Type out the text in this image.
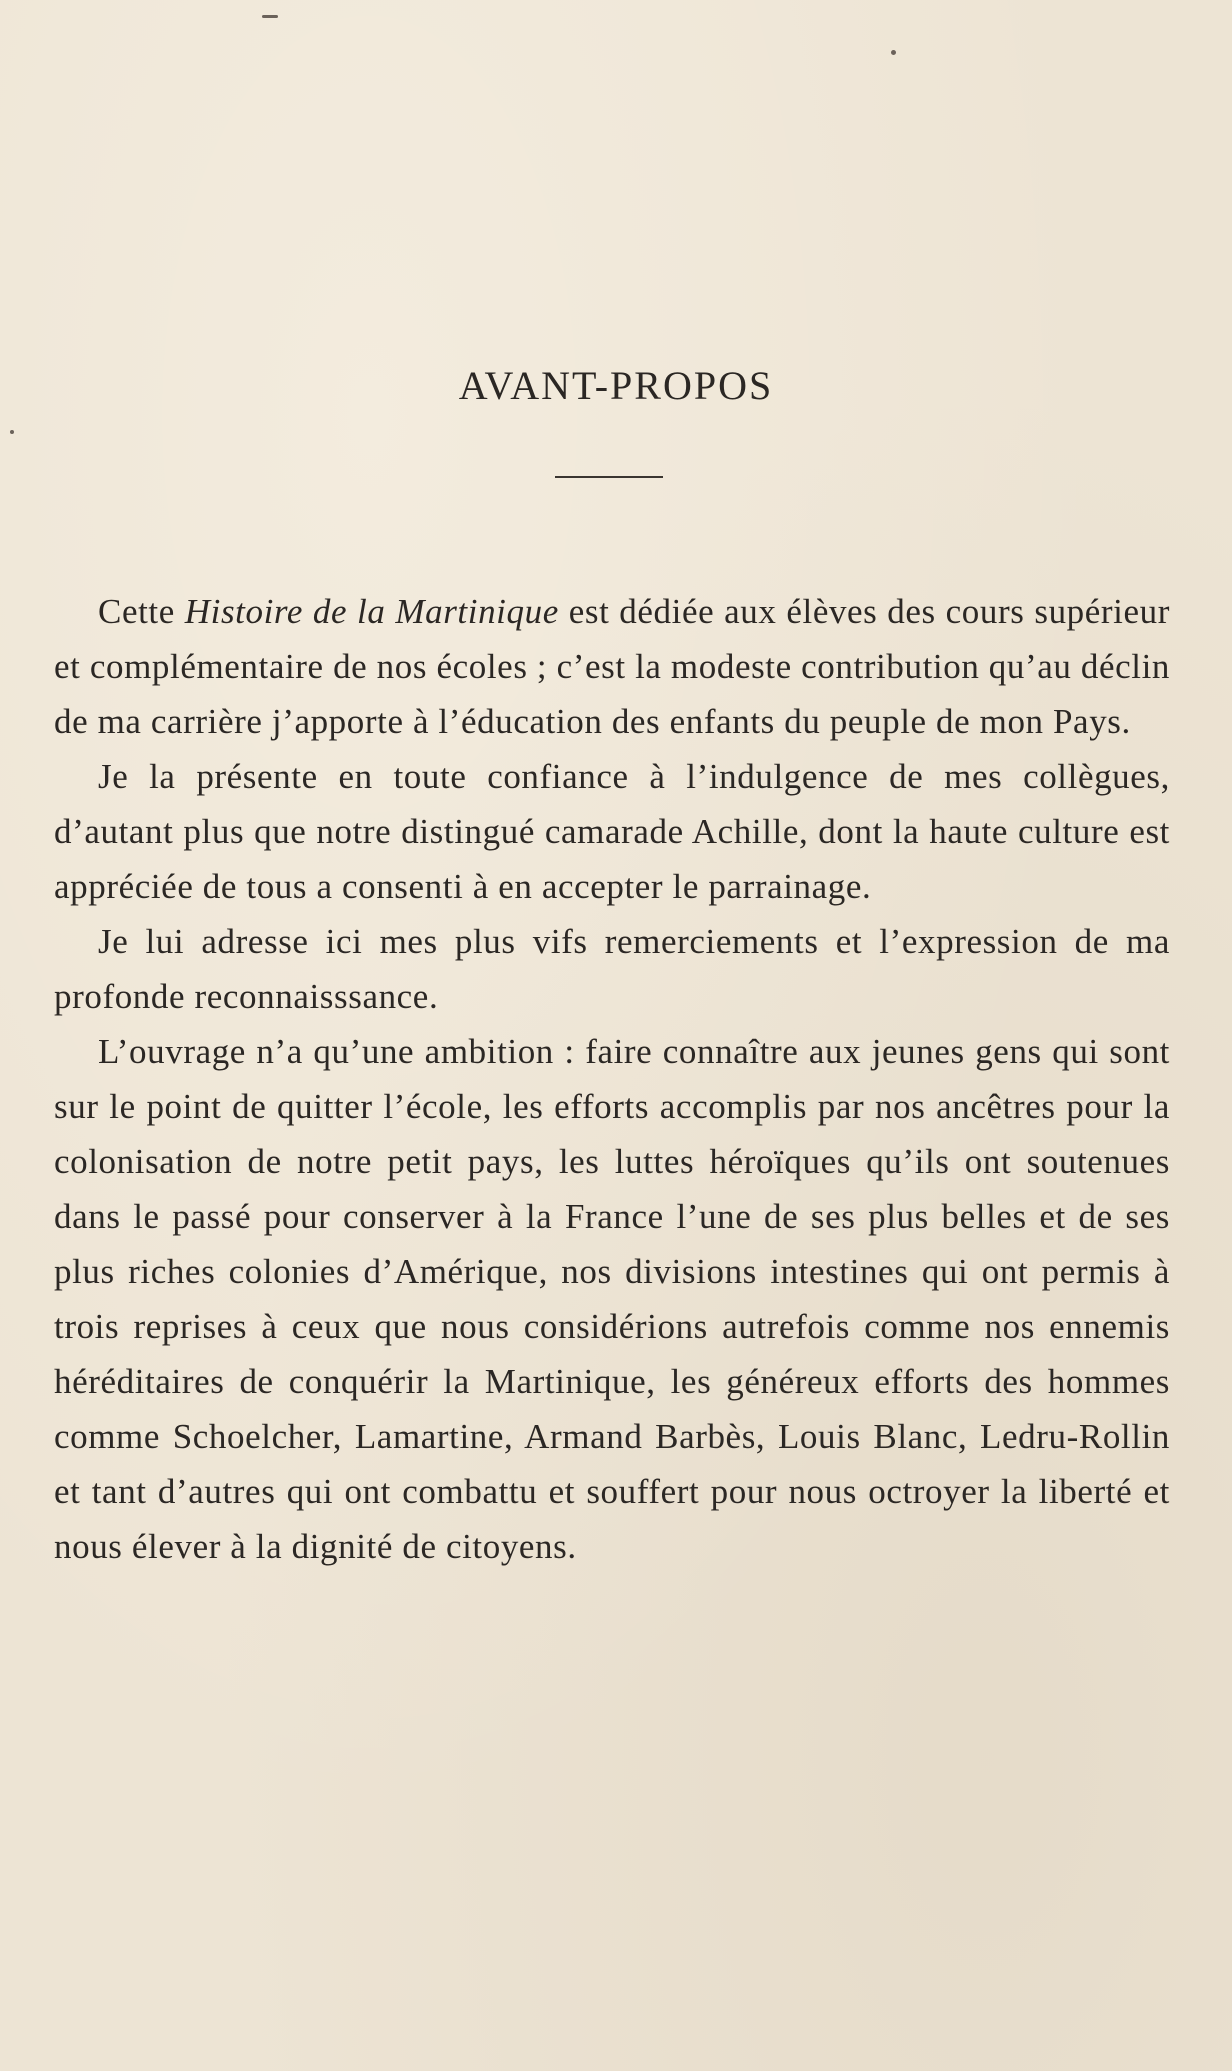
AVANT-PROPOS

Cette Histoire de la Martinique est dédiée aux élèves des cours supérieur et complémentaire de nos écoles ; c’est la modeste contribution qu’au déclin de ma carrière j’apporte à l’éducation des enfants du peuple de mon Pays.

Je la présente en toute confiance à l’indulgence de mes collègues, d’autant plus que notre distingué camarade Achille, dont la haute culture est appréciée de tous a consenti à en accepter le parrainage.

Je lui adresse ici mes plus vifs remerciements et l’expression de ma profonde reconnaisssance.

L’ouvrage n’a qu’une ambition : faire connaître aux jeunes gens qui sont sur le point de quitter l’école, les efforts accomplis par nos ancêtres pour la colonisation de notre petit pays, les luttes héroïques qu’ils ont soutenues dans le passé pour conserver à la France l’une de ses plus belles et de ses plus riches colonies d’Amérique, nos divisions intestines qui ont permis à trois reprises à ceux que nous considérions autrefois comme nos ennemis héréditaires de conquérir la Martinique, les généreux efforts des hommes comme Schoelcher, Lamartine, Armand Barbès, Louis Blanc, Ledru-Rollin et tant d’autres qui ont combattu et souffert pour nous octroyer la liberté et nous élever à la dignité de citoyens.
